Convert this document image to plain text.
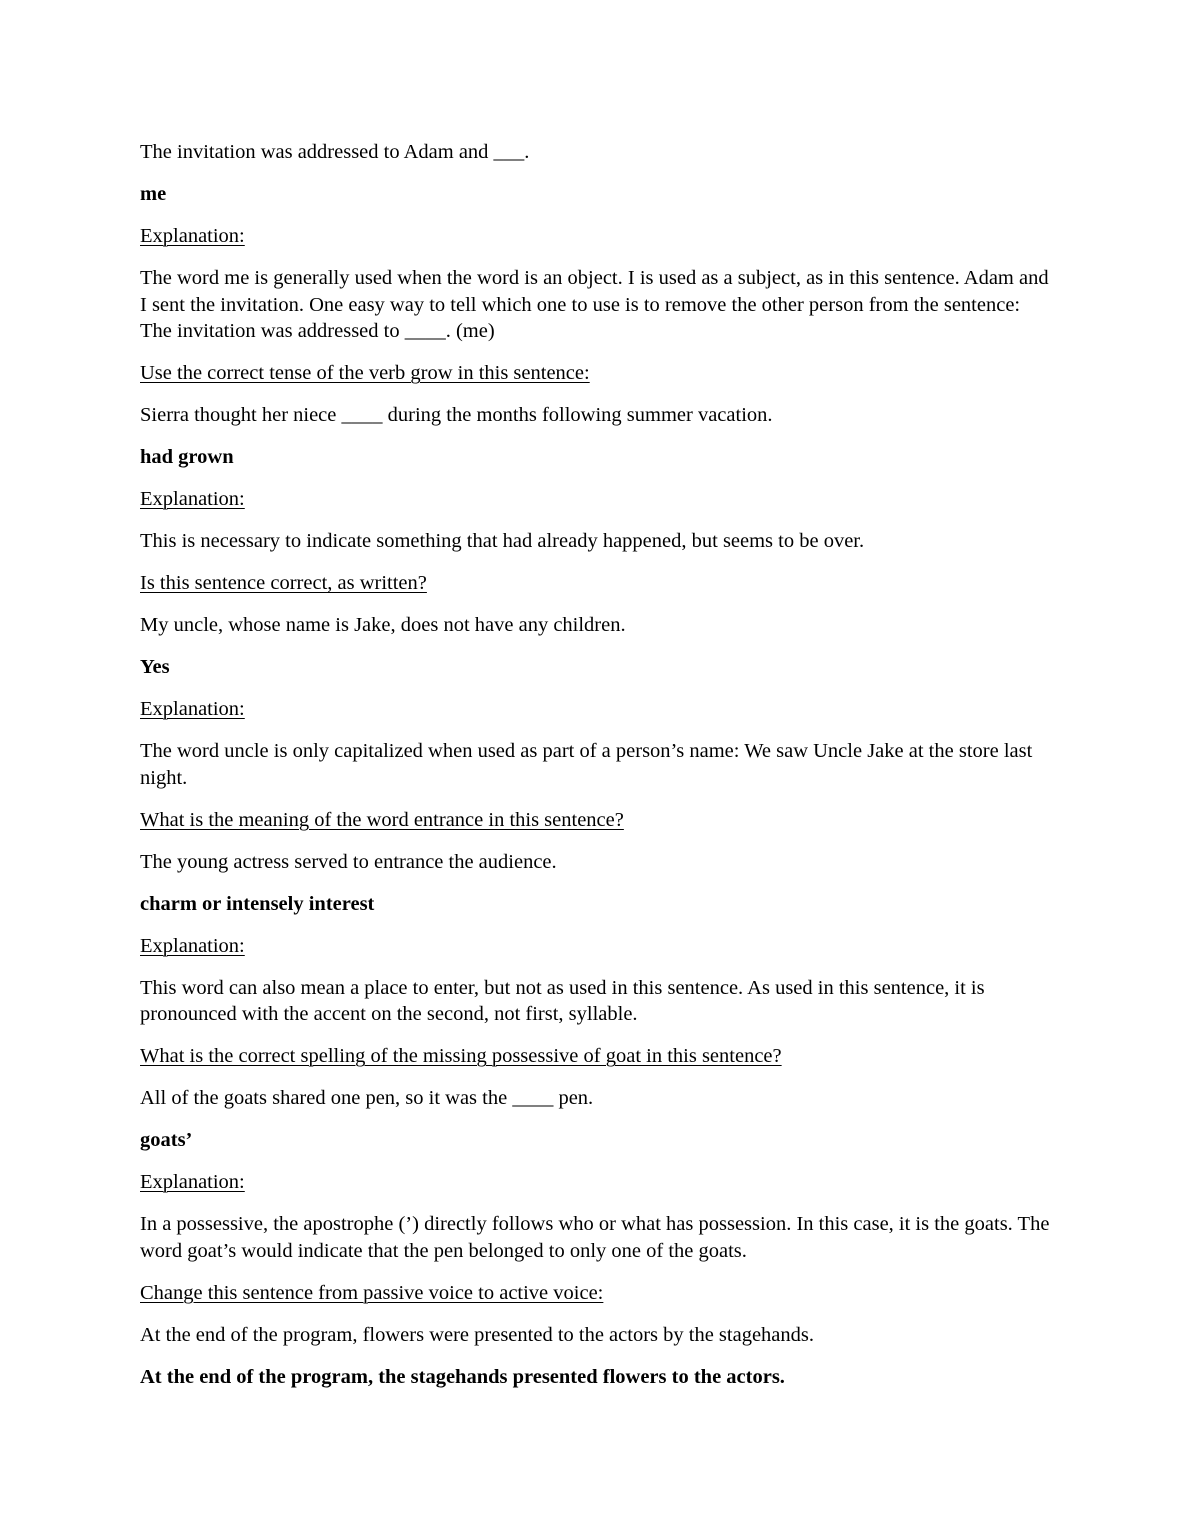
The invitation was addressed to Adam and ___.

me

Explanation:

The word me is generally used when the word is an object. I is used as a subject, as in this sentence. Adam and I sent the invitation. One easy way to tell which one to use is to remove the other person from the sentence: The invitation was addressed to ____. (me)

Use the correct tense of the verb grow in this sentence:

Sierra thought her niece ____ during the months following summer vacation.

had grown

Explanation:

This is necessary to indicate something that had already happened, but seems to be over.

Is this sentence correct, as written?

My uncle, whose name is Jake, does not have any children.

Yes

Explanation:

The word uncle is only capitalized when used as part of a person’s name: We saw Uncle Jake at the store last night.

What is the meaning of the word entrance in this sentence?

The young actress served to entrance the audience.

charm or intensely interest

Explanation:

This word can also mean a place to enter, but not as used in this sentence. As used in this sentence, it is pronounced with the accent on the second, not first, syllable.

What is the correct spelling of the missing possessive of goat in this sentence?

All of the goats shared one pen, so it was the ____ pen.

goats’

Explanation:

In a possessive, the apostrophe (’) directly follows who or what has possession. In this case, it is the goats. The word goat’s would indicate that the pen belonged to only one of the goats.

Change this sentence from passive voice to active voice:

At the end of the program, flowers were presented to the actors by the stagehands.

At the end of the program, the stagehands presented flowers to the actors.
